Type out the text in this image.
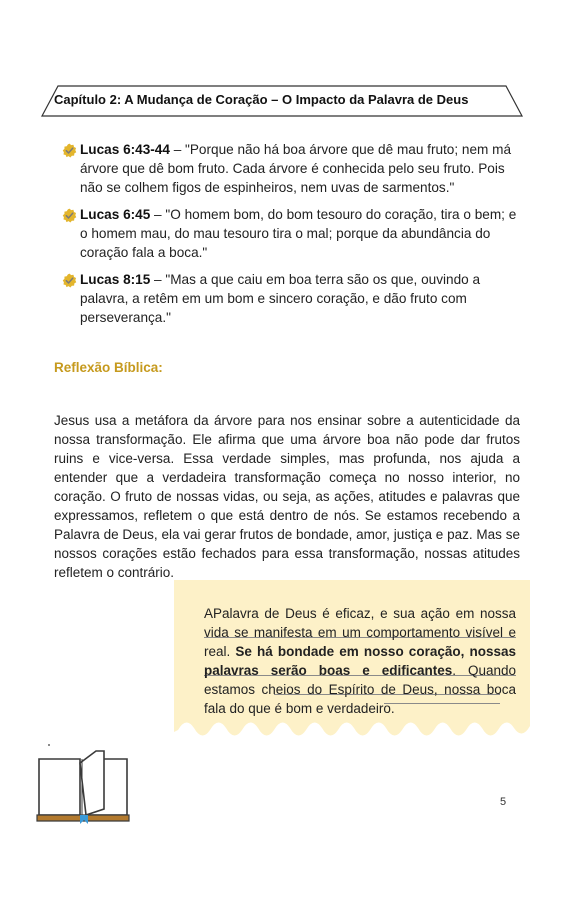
Capítulo 2: A Mudança de Coração – O Impacto da Palavra de Deus
Lucas 6:43-44 – "Porque não há boa árvore que dê mau fruto; nem má árvore que dê bom fruto. Cada árvore é conhecida pelo seu fruto. Pois não se colhem figos de espinheiros, nem uvas de sarmentos."
Lucas 6:45 – "O homem bom, do bom tesouro do coração, tira o bem; e o homem mau, do mau tesouro tira o mal; porque da abundância do coração fala a boca."
Lucas 8:15 – "Mas a que caiu em boa terra são os que, ouvindo a palavra, a retêm em um bom e sincero coração, e dão fruto com perseverança."
Reflexão Bíblica:
Jesus usa a metáfora da árvore para nos ensinar sobre a autenticidade da nossa transformação. Ele afirma que uma árvore boa não pode dar frutos ruins e vice-versa. Essa verdade simples, mas profunda, nos ajuda a entender que a verdadeira transformação começa no nosso interior, no coração. O fruto de nossas vidas, ou seja, as ações, atitudes e palavras que expressamos, refletem o que está dentro de nós. Se estamos recebendo a Palavra de Deus, ela vai gerar frutos de bondade, amor, justiça e paz. Mas se nossos corações estão fechados para essa transformação, nossas atitudes refletem o contrário.
APalavra de Deus é eficaz, e sua ação em nossa vida se manifesta em um comportamento visível e real. Se há bondade em nosso coração, nossas palavras serão boas e edificantes. Quando estamos cheios do Espírito de Deus, nossa boca fala do que é bom e verdadeiro.
5
